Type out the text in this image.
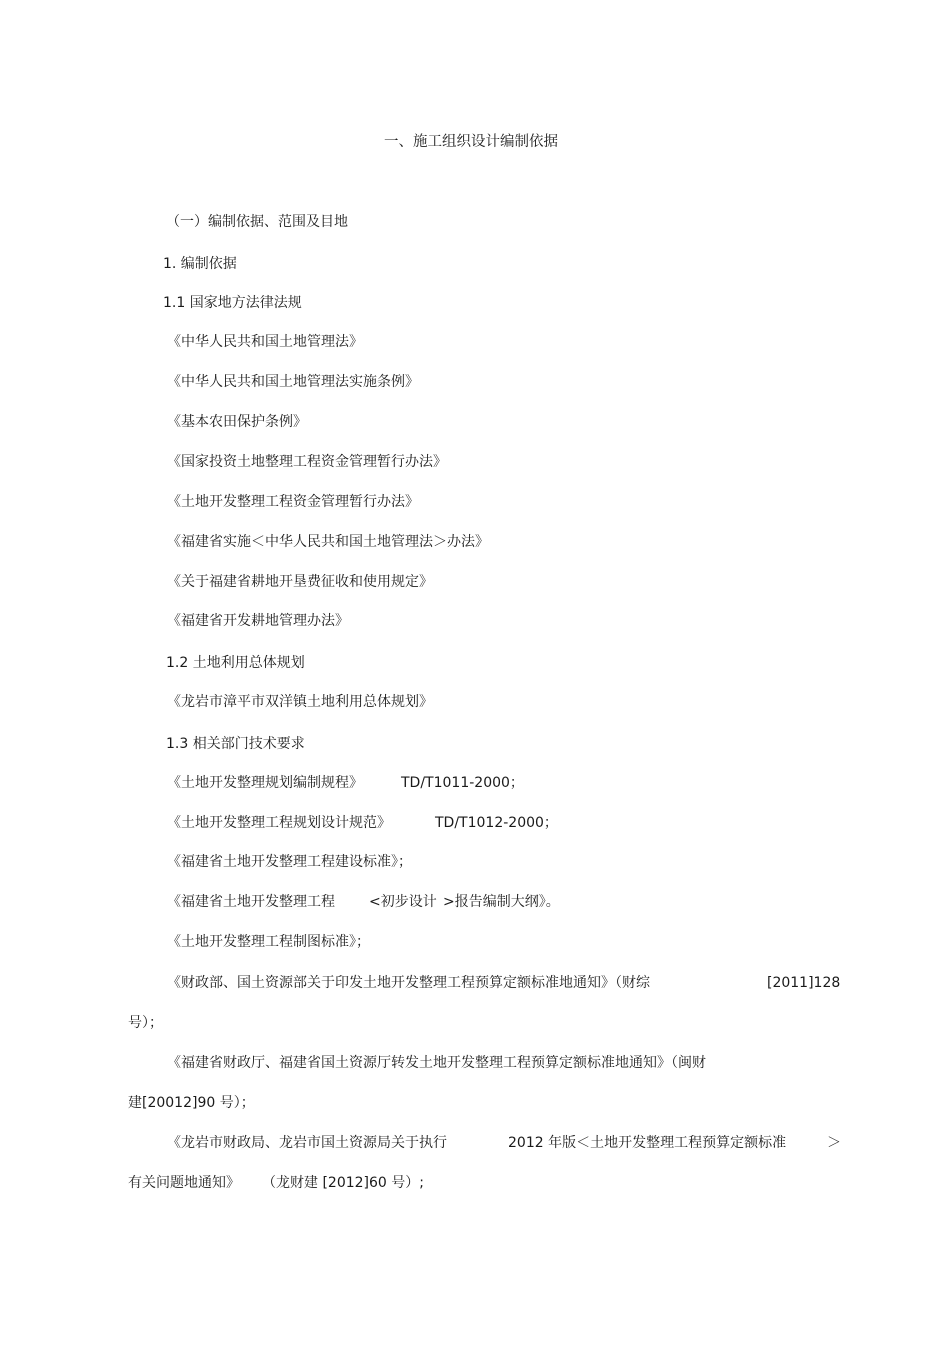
一、施工组织设计编制依据
（一）编制依据、范围及目地
1. 编制依据
1.1 国家地方法律法规
《中华人民共和国土地管理法》
《中华人民共和国土地管理法实施条例》
《基本农田保护条例》
《国家投资土地整理工程资金管理暂行办法》
《土地开发整理工程资金管理暂行办法》
《福建省实施＜中华人民共和国土地管理法＞办法》
《关于福建省耕地开垦费征收和使用规定》
《福建省开发耕地管理办法》
1.2 土地利用总体规划
《龙岩市漳平市双洋镇土地利用总体规划》
1.3 相关部门技术要求
《土地开发整理规划编制规程》	TD/T1011-2000；
《土地开发整理工程规划设计规范》	TD/T1012-2000；
《福建省土地开发整理工程建设标准》；
《福建省土地开发整理工程 <初步设计 >报告编制大纲》。
《土地开发整理工程制图标准》；
《财政部、国土资源部关于印发土地开发整理工程预算定额标准地通知》（财综	[2011]128
号）；
《福建省财政厅、福建省国土资源厅转发土地开发整理工程预算定额标准地通知》（闽财
建[20012]90 号）；
《龙岩市财政局、龙岩市国土资源局关于执行	2012 年版＜土地开发整理工程预算定额标准	＞
有关问题地通知》 （龙财建 [2012]60 号）;
